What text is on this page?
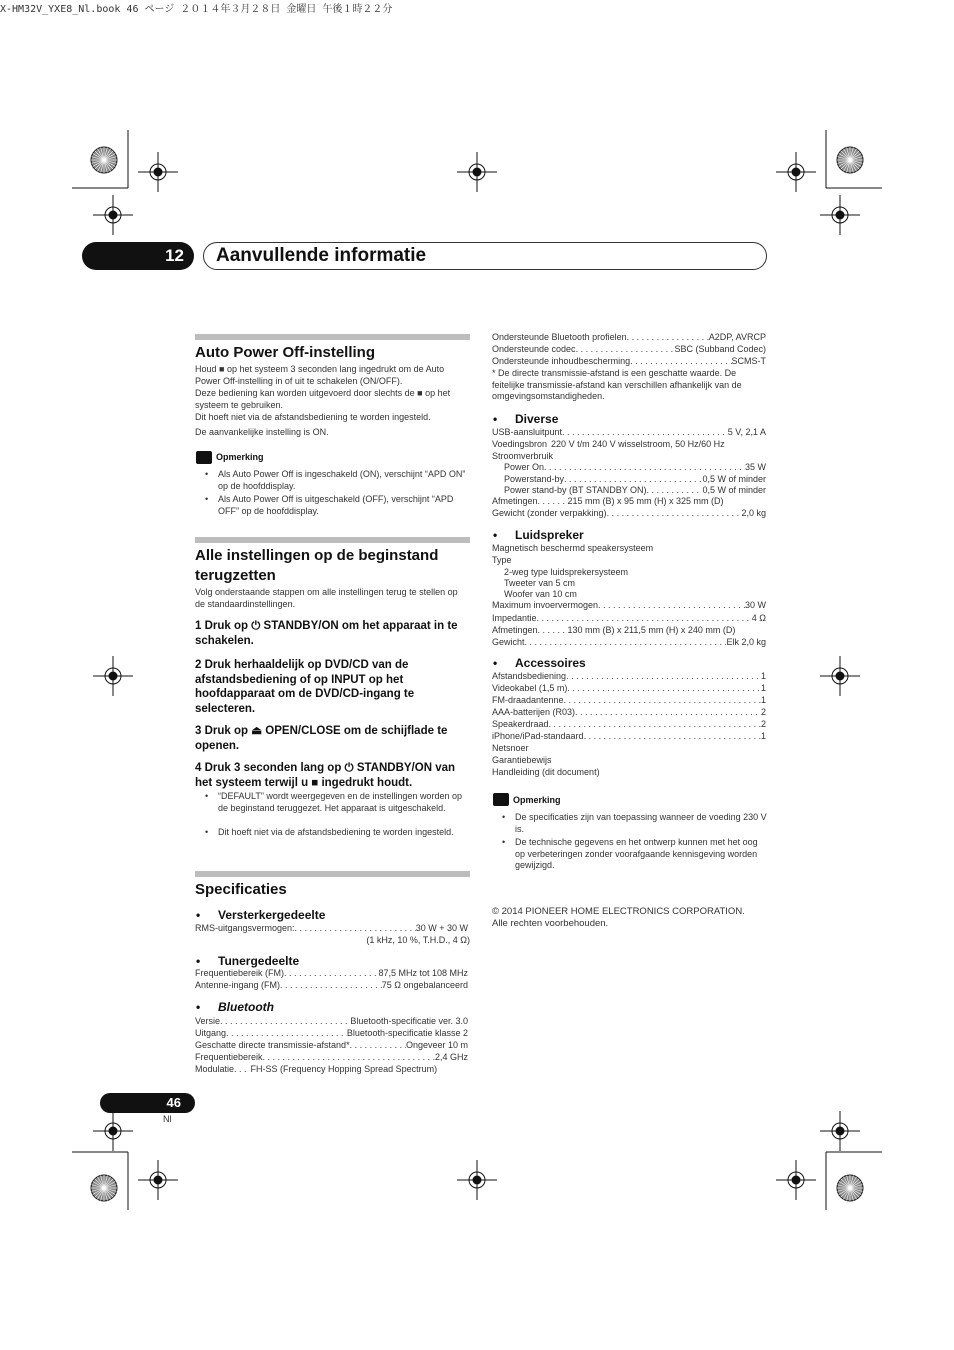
X-HM32V_YXE8_Nl.book 46 ページ ２０１４年３月２８日 金曜日 午後１時２２分
12	Aanvullende informatie
Auto Power Off-instelling
Houd ■ op het systeem 3 seconden lang ingedrukt om de Auto Power Off-instelling in of uit te schakelen (ON/OFF).
Deze bediening kan worden uitgevoerd door slechts de ■ op het systeem te gebruiken.
Dit hoeft niet via de afstandsbediening te worden ingesteld.
De aanvankelijke instelling is ON.
Opmerking
•	Als Auto Power Off is ingeschakeld (ON), verschijnt “APD ON” op de hoofddisplay.
•	Als Auto Power Off is uitgeschakeld (OFF), verschijnt “APD OFF” op de hoofddisplay.
Alle instellingen op de beginstand
terugzetten
Volg onderstaande stappen om alle instellingen terug te stellen op de standaardinstellingen.
1 Druk op ⏻ STANDBY/ON om het apparaat in te schakelen.
2 Druk herhaaldelijk op DVD/CD van de afstandsbediening of op INPUT op het hoofdapparaat om de DVD/CD-ingang te selecteren.
3 Druk op ⏏ OPEN/CLOSE om de schijflade te openen.
4 Druk 3 seconden lang op ⏻ STANDBY/ON van het systeem terwijl u ■ ingedrukt houdt.
• “DEFAULT” wordt weergegeven en de instellingen worden op de beginstand teruggezet. Het apparaat is uitgeschakeld.
• Dit hoeft niet via de afstandsbediening te worden ingesteld.
Specificaties
• Versterkergedeelte
RMS-uitgangsvermogen: . . .	30 W + 30 W
(1 kHz, 10 %, T.H.D., 4 Ω)
• Tunergedeelte
Frequentiebereik (FM) . . .	87,5 MHz tot 108 MHz
Antenne-ingang (FM) . . .	75 Ω ongebalanceerd
• Bluetooth
Versie . . .	Bluetooth-specificatie ver. 3.0
Uitgang . . .	Bluetooth-specificatie klasse 2
Geschatte directe transmissie-afstand* . . .	Ongeveer 10 m
Frequentiebereik . . .	2,4 GHz
Modulatie. . . FH-SS (Frequency Hopping Spread Spectrum)
Ondersteunde Bluetooth profielen . . .	A2DP, AVRCP
Ondersteunde codec . . .	SBC (Subband Codec)
Ondersteunde inhoudbescherming . . .	SCMS-T
* De directe transmissie-afstand is een geschatte waarde. De feitelijke transmissie-afstand kan verschillen afhankelijk van de omgevingsomstandigheden.
• Diverse
USB-aansluitpunt . . .	5 V, 2,1 A
Voedingsbron 220 V t/m 240 V wisselstroom, 50 Hz/60 Hz
Stroomverbruik
Power On . . .	35 W
Powerstand-by . . .	0,5 W of minder
Power stand-by (BT STANDBY ON) . . .	0,5 W of minder
Afmetingen . . .	215 mm (B) x 95 mm (H) x 325 mm (D)
Gewicht (zonder verpakking) . . .	2,0 kg
• Luidspreker
Magnetisch beschermd speakersysteem
Type
2-weg type luidsprekersysteem
Tweeter van 5 cm
Woofer van 10 cm
Maximum invoervermogen . . .	30 W
Impedantie . . .	4 Ω
Afmetingen . . .	130 mm (B) x 211,5 mm (H) x 240 mm (D)
Gewicht . . .	Elk 2,0 kg
• Accessoires
Afstandsbediening . . .	1
Videokabel (1,5 m) . . .	1
FM-draadantenne . . .	1
AAA-batterijen (R03) . . .	2
Speakerdraad . . .	2
iPhone/iPad-standaard . . .	1
Netsnoer
Garantiebewijs
Handleiding (dit document)
Opmerking
• De specificaties zijn van toepassing wanneer de voeding 230 V is.
• De technische gegevens en het ontwerp kunnen met het oog op verbeteringen zonder voorafgaande kennisgeving worden gewijzigd.
© 2014 PIONEER HOME ELECTRONICS CORPORATION.
Alle rechten voorbehouden.
46
Nl
